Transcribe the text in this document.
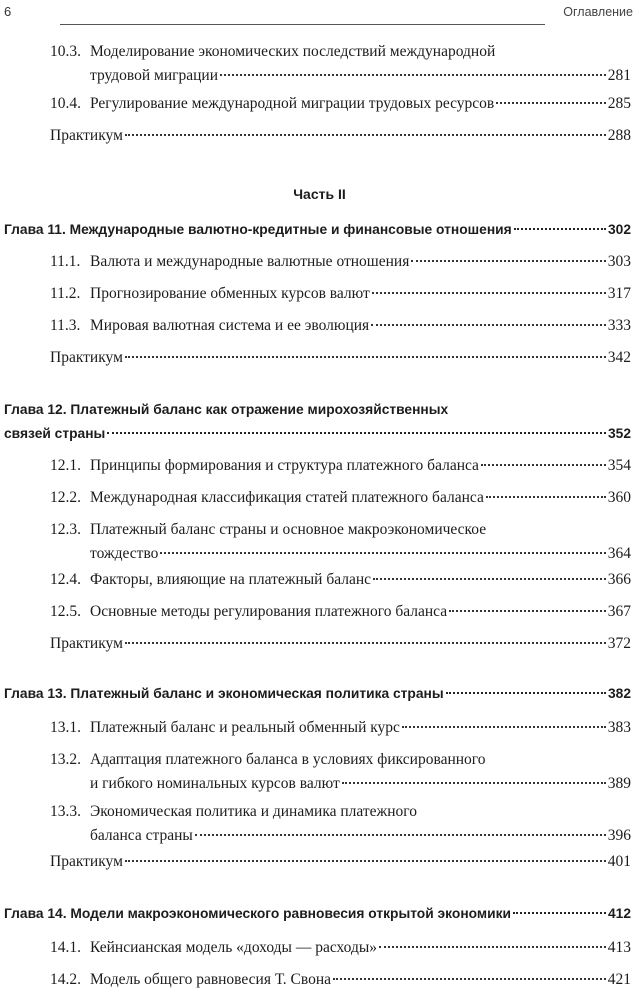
6	Оглавление
Часть II
10.3. Моделирование экономических последствий международной
трудовой миграции	281
10.4. Регулирование международной миграции трудовых ресурсов	285
Практикум	288
Глава 11. Международные валютно-кредитные и финансовые отношения	302
11.1. Валюта и международные валютные отношения	303
11.2. Прогнозирование обменных курсов валют	317
11.3. Мировая валютная система и ее эволюция	333
Практикум	342
Глава 12. Платежный баланс как отражение мирохозяйственных
связей страны	352
12.1. Принципы формирования и структура платежного баланса	354
12.2. Международная классификация статей платежного баланса	360
12.3. Платежный баланс страны и основное макроэкономическое
тождество	364
12.4. Факторы, влияющие на платежный баланс	366
12.5. Основные методы регулирования платежного баланса	367
Практикум	372
Глава 13. Платежный баланс и экономическая политика страны	382
13.1. Платежный баланс и реальный обменный курс	383
13.2. Адаптация платежного баланса в условиях фиксированного
и гибкого номинальных курсов валют	389
13.3. Экономическая политика и динамика платежного
баланса страны	396
Практикум	401
Глава 14. Модели макроэкономического равновесия открытой экономики	412
14.1. Кейнсианская модель «доходы — расходы»	413
14.2. Модель общего равновесия Т. Свона	421
